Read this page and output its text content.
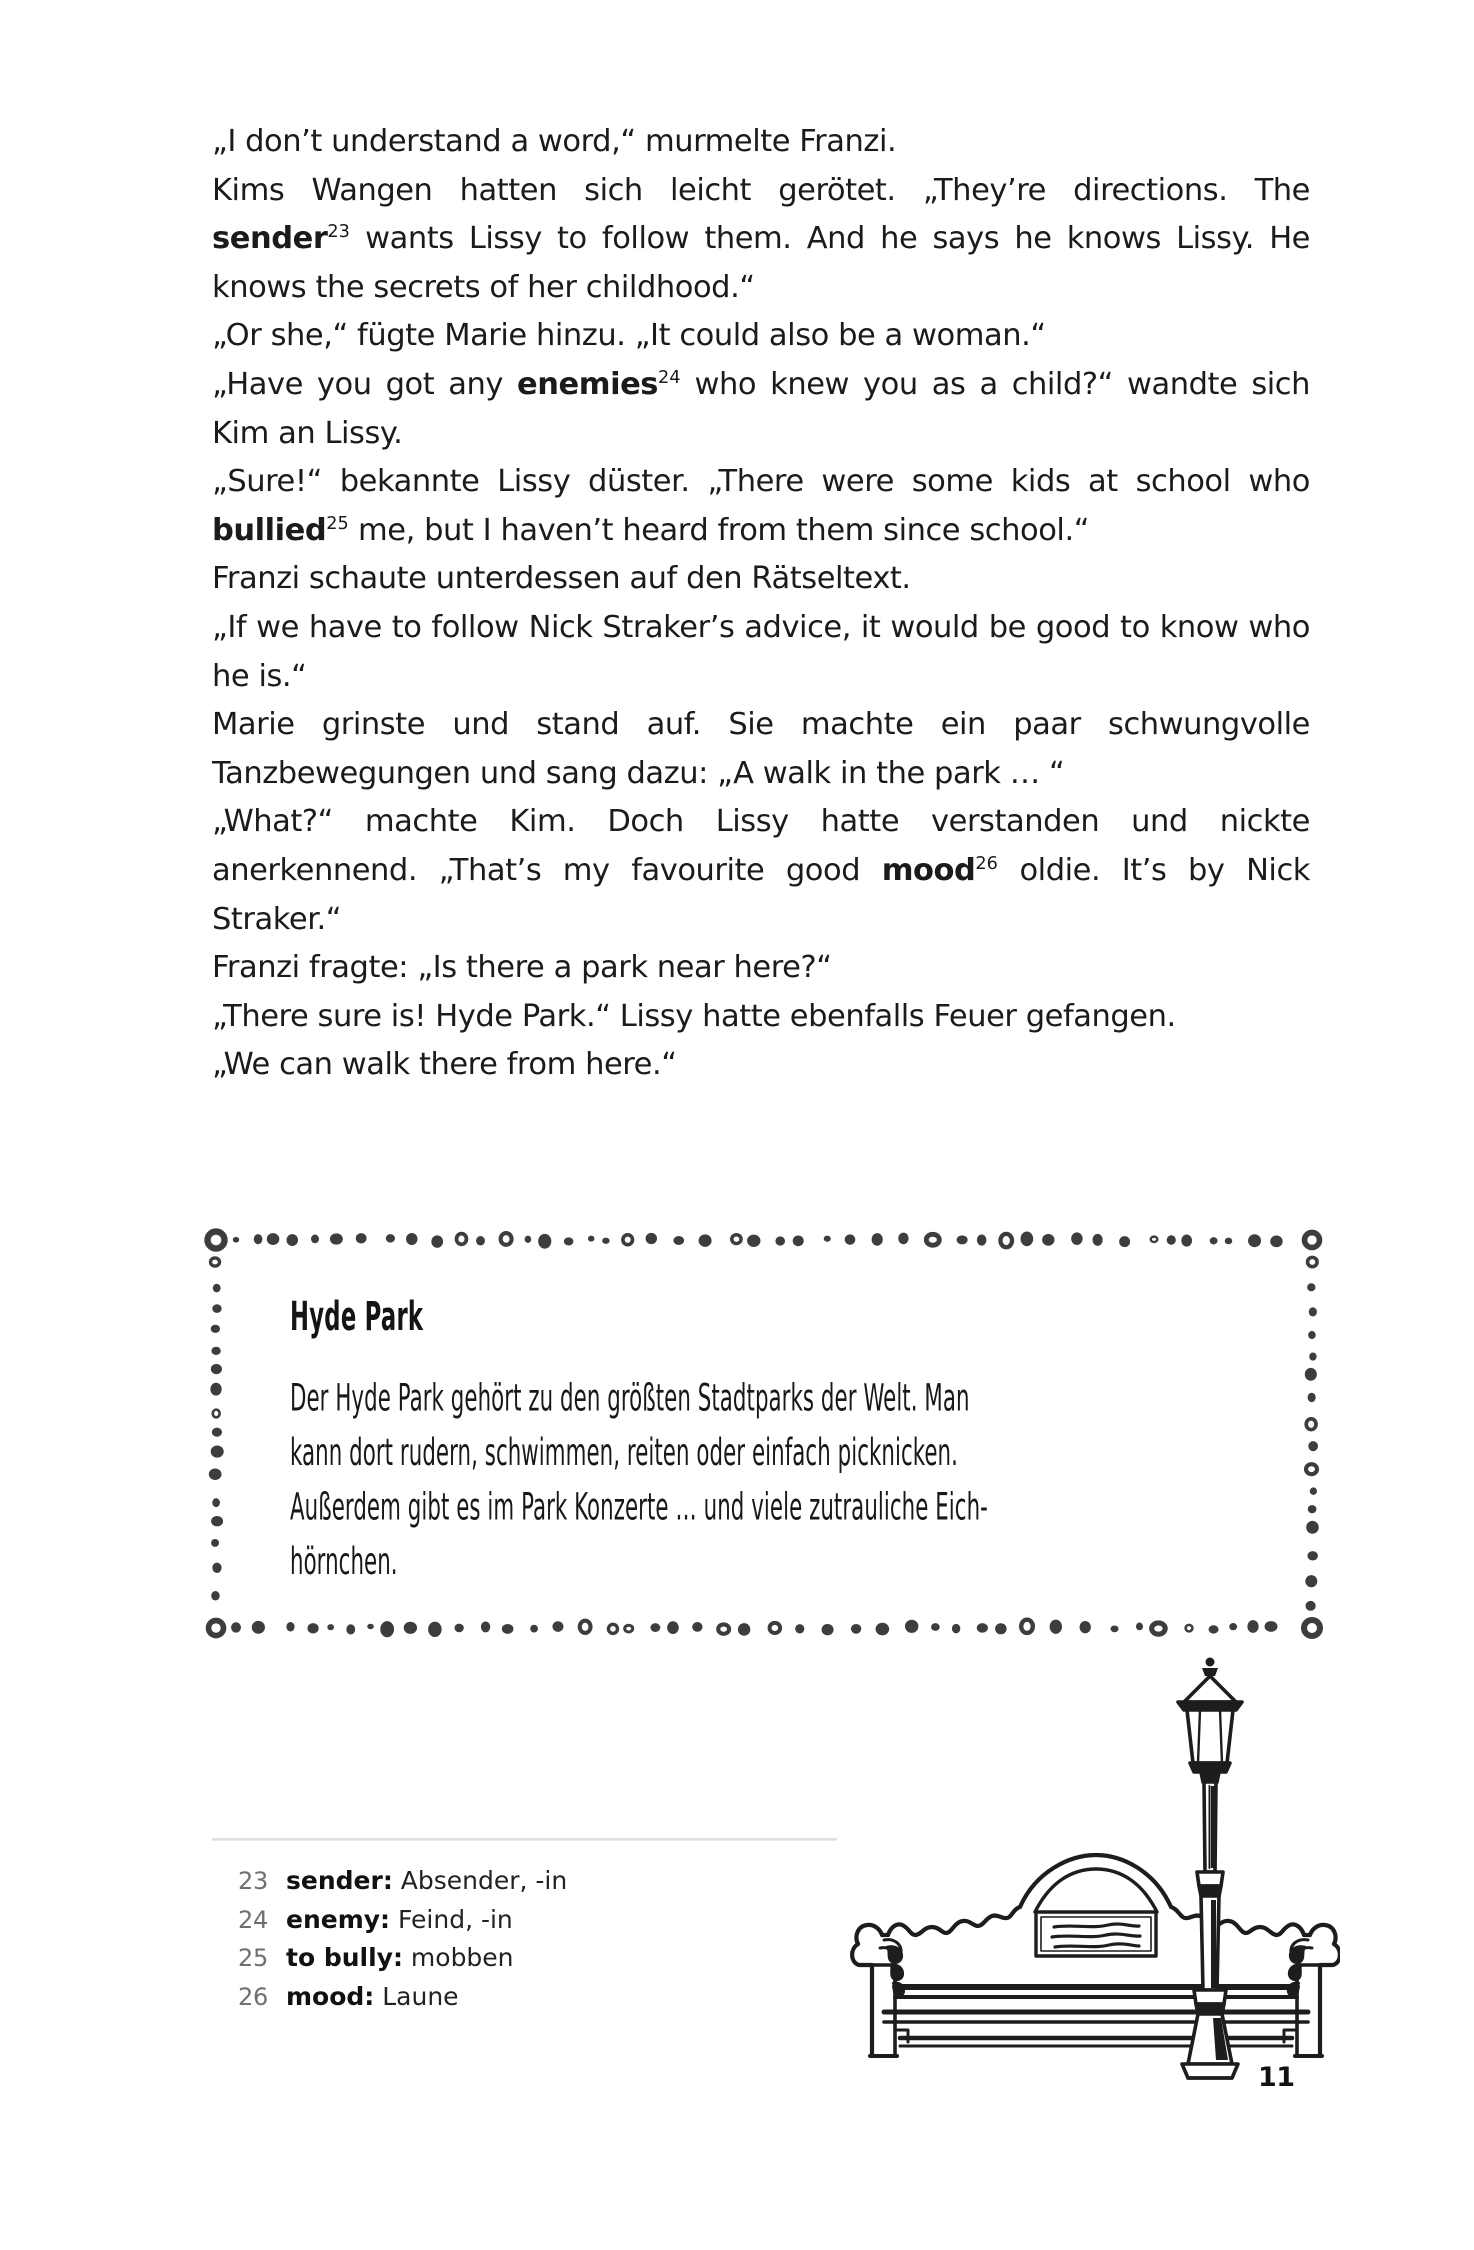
„I don’t understand a word,“ murmelte Franzi.

Kims Wangen hatten sich leicht gerötet. „They’re directions. The sender$^{23}$ wants Lissy to follow them. And he says he knows Lissy. He knows the secrets of her childhood.“

„Or she,“ fügte Marie hinzu. „It could also be a woman.“

„Have you got any enemies$^{24}$ who knew you as a child?“ wandte sich Kim an Lissy.

„Sure!“ bekannte Lissy düster. „There were some kids at school who bullied$^{25}$ me, but I haven’t heard from them since school.“

Franzi schaute unterdessen auf den Rätseltext.

„If we have to follow Nick Straker’s advice, it would be good to know who he is.“

Marie grinste und stand auf. Sie machte ein paar schwungvolle Tanzbewegungen und sang dazu: „A walk in the park … “

„What?“ machte Kim. Doch Lissy hatte verstanden und nickte anerkennend. „That’s my favourite good mood$^{26}$ oldie. It’s by Nick Straker.“

Franzi fragte: „Is there a park near here?“

„There sure is! Hyde Park.“ Lissy hatte ebenfalls Feuer gefangen.

„We can walk there from here.“

Hyde Park

Der Hyde Park gehört zu den größten Stadtparks der Welt. Man

kann dort rudern, schwimmen, reiten oder einfach picknicken.

Außerdem gibt es im Park Konzerte … und viele zutrauliche Eich-

hörnchen.

23 sender: Absender, -in
24 enemy: Feind, -in
25 to bully: mobben
26 mood: Laune
11
